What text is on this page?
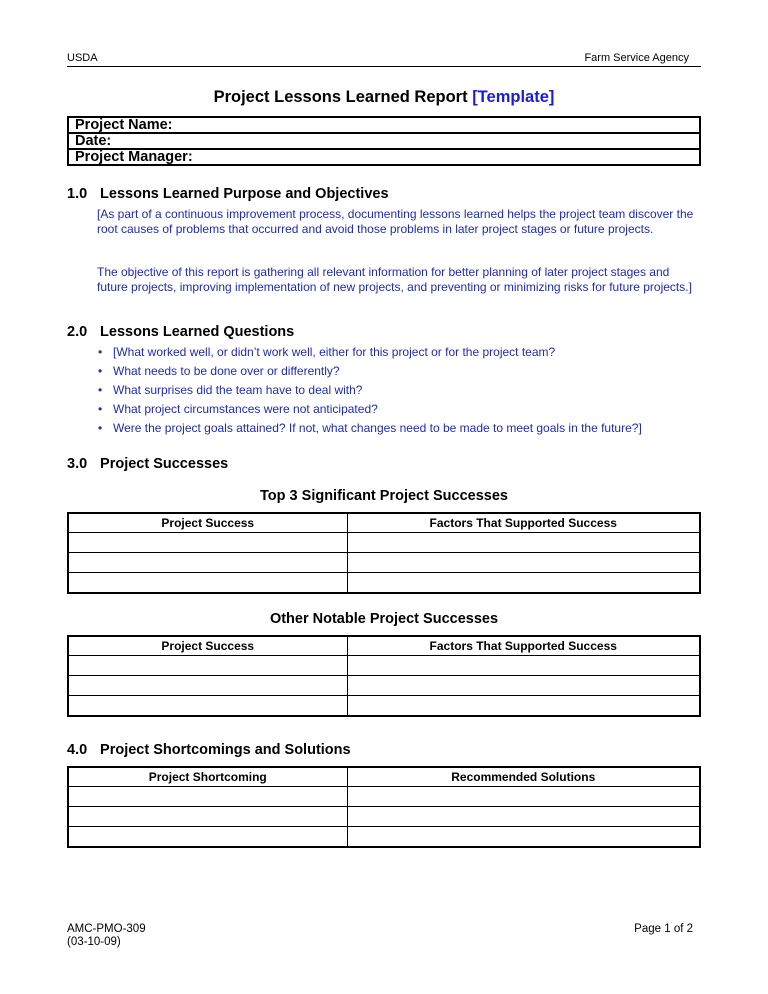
USDA	Farm Service Agency
Project Lessons Learned Report [Template]
Project Name:
Date:
Project Manager:
1.0 Lessons Learned Purpose and Objectives
[As part of a continuous improvement process, documenting lessons learned helps the project team discover the root causes of problems that occurred and avoid those problems in later project stages or future projects.
The objective of this report is gathering all relevant information for better planning of later project stages and future projects, improving implementation of new projects, and preventing or minimizing risks for future projects.]
2.0 Lessons Learned Questions
• [What worked well, or didn’t work well, either for this project or for the project team?
• What needs to be done over or differently?
• What surprises did the team have to deal with?
• What project circumstances were not anticipated?
• Were the project goals attained? If not, what changes need to be made to meet goals in the future?]
3.0 Project Successes
Top 3 Significant Project Successes
Project Success	Factors That Supported Success

Other Notable Project Successes
Project Success	Factors That Supported Success

4.0 Project Shortcomings and Solutions
Project Shortcoming	Recommended Solutions

AMC-PMO-309
(03-10-09)
Page 1 of 2
